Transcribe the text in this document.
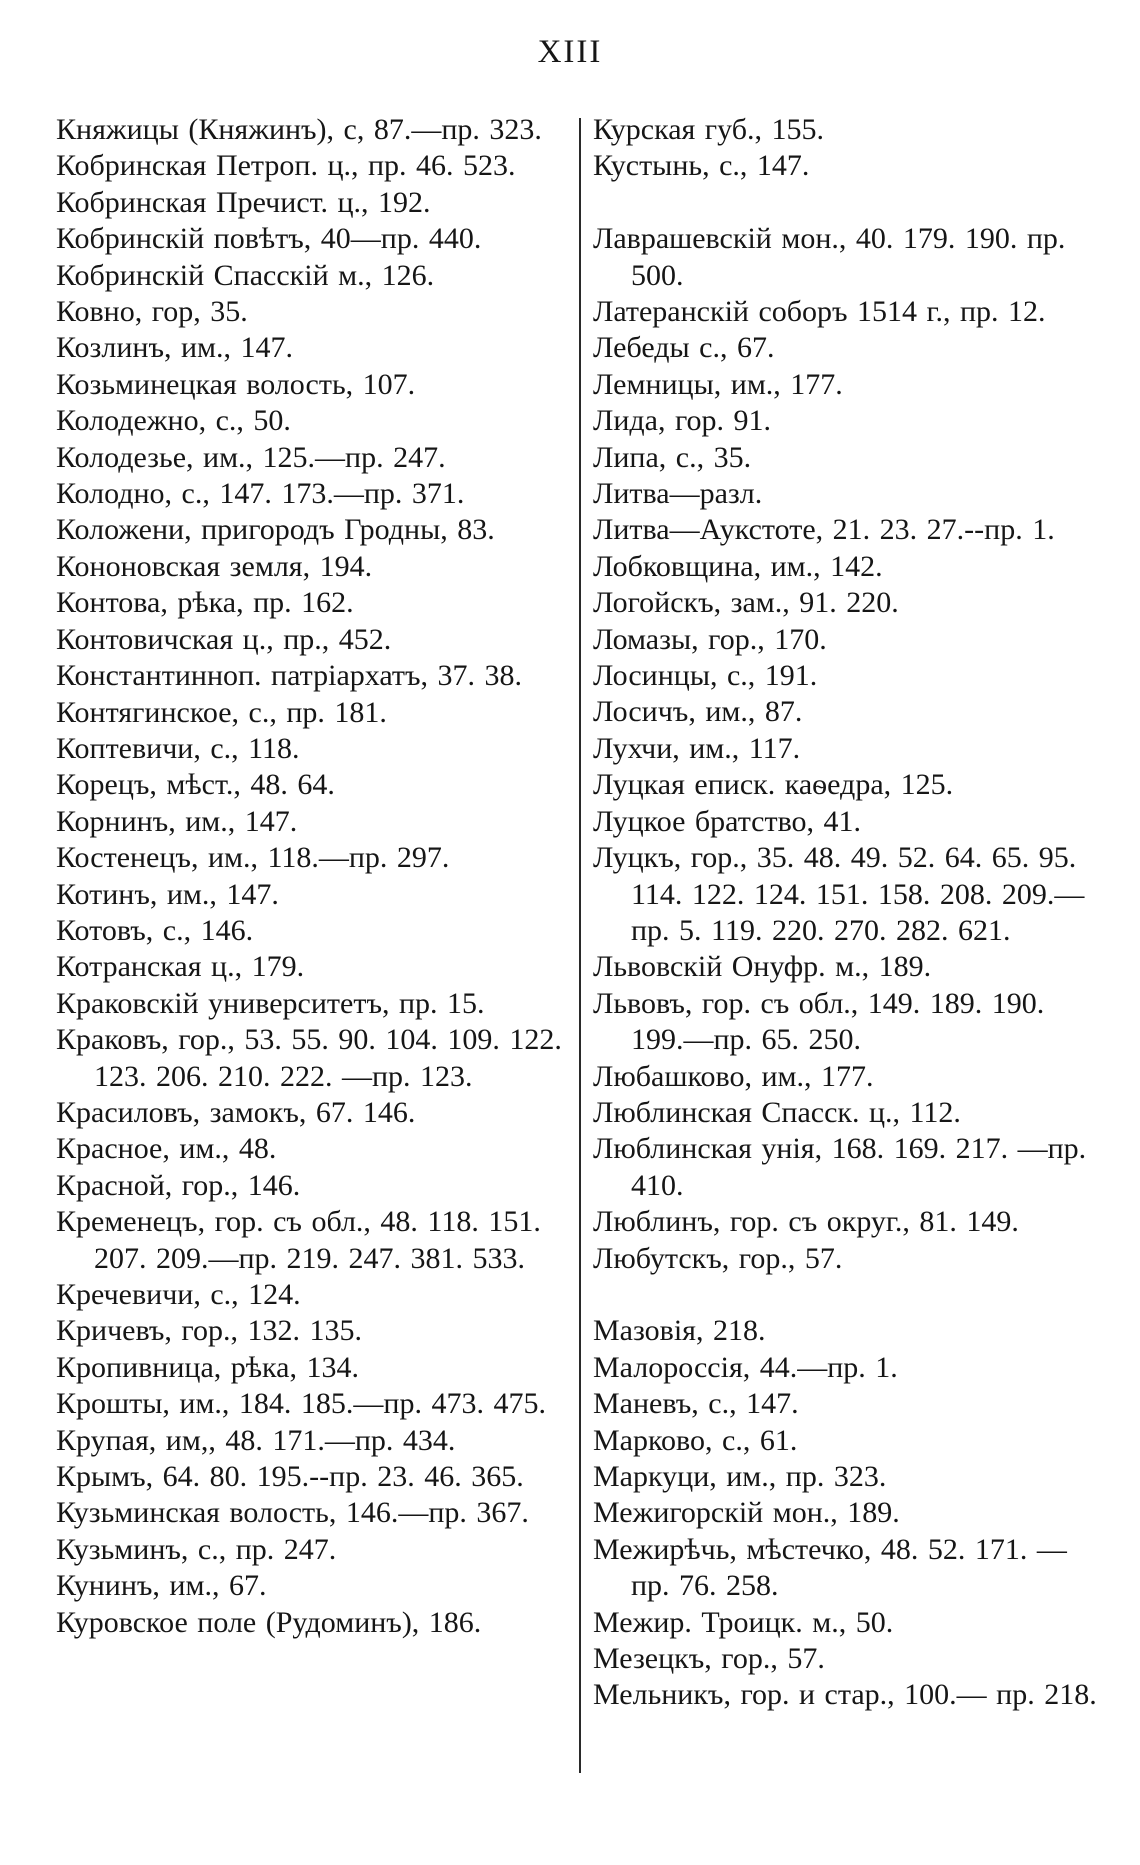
XIII
Княжицы (Княжинъ), с, 87.—пр. 323.
Кобринская Петроп. ц., пр. 46. 523.
Кобринская Пречист. ц., 192.
Кобринскій повѣтъ, 40—пр. 440.
Кобринскій Спасскій м., 126.
Ковно, гор, 35.
Козлинъ, им., 147.
Козьминецкая волость, 107.
Колодежно, с., 50.
Колодезье, им., 125.—пр. 247.
Колодно, с., 147. 173.—пр. 371.
Коложени, пригородъ Гродны, 83.
Кононовская земля, 194.
Контова, рѣка, пр. 162.
Контовичская ц., пр., 452.
Константинноп. патріархатъ, 37. 38.
Контягинское, с., пр. 181.
Коптевичи, с., 118.
Корецъ, мѣст., 48. 64.
Корнинъ, им., 147.
Костенецъ, им., 118.—пр. 297.
Котинъ, им., 147.
Котовъ, с., 146.
Котранская ц., 179.
Краковскій университетъ, пр. 15.
Краковъ, гор., 53. 55. 90. 104. 109. 122. 123. 206. 210. 222. —пр. 123.
Красиловъ, замокъ, 67. 146.
Красное, им., 48.
Красной, гор., 146.
Кременецъ, гор. съ обл., 48. 118. 151. 207. 209.—пр. 219. 247. 381. 533.
Кречевичи, с., 124.
Кричевъ, гор., 132. 135.
Кропивница, рѣка, 134.
Крошты, им., 184. 185.—пр. 473. 475.
Крупая, им,, 48. 171.—пр. 434.
Крымъ, 64. 80. 195.--пр. 23. 46. 365.
Кузьминская волость, 146.—пр. 367.
Кузьминъ, с., пр. 247.
Кунинъ, им., 67.
Куровское поле (Рудоминъ), 186.
Курская губ., 155.
Кустынь, с., 147.
Лаврашевскій мон., 40. 179. 190. пр. 500.
Латеранскій соборъ 1514 г., пр. 12.
Лебеды с., 67.
Лемницы, им., 177.
Лида, гор. 91.
Липа, с., 35.
Литва—разл.
Литва—Аукстоте, 21. 23. 27.--пр. 1.
Лобковщина, им., 142.
Логойскъ, зам., 91. 220.
Ломазы, гор., 170.
Лосинцы, с., 191.
Лосичъ, им., 87.
Лухчи, им., 117.
Луцкая еписк. каѳедра, 125.
Луцкое братство, 41.
Луцкъ, гор., 35. 48. 49. 52. 64. 65. 95. 114. 122. 124. 151. 158. 208. 209.—пр. 5. 119. 220. 270. 282. 621.
Львовскій Онуфр. м., 189.
Львовъ, гор. съ обл., 149. 189. 190. 199.—пр. 65. 250.
Любашково, им., 177.
Люблинская Спасск. ц., 112.
Люблинская унія, 168. 169. 217. —пр. 410.
Люблинъ, гор. съ округ., 81. 149.
Любутскъ, гор., 57.
Мазовія, 218.
Малороссія, 44.—пр. 1.
Маневъ, с., 147.
Марково, с., 61.
Маркуци, им., пр. 323.
Межигорскій мон., 189.
Межирѣчь, мѣстечко, 48. 52. 171. —пр. 76. 258.
Межир. Троицк. м., 50.
Мезецкъ, гор., 57.
Мельникъ, гор. и стар., 100.— пр. 218.
